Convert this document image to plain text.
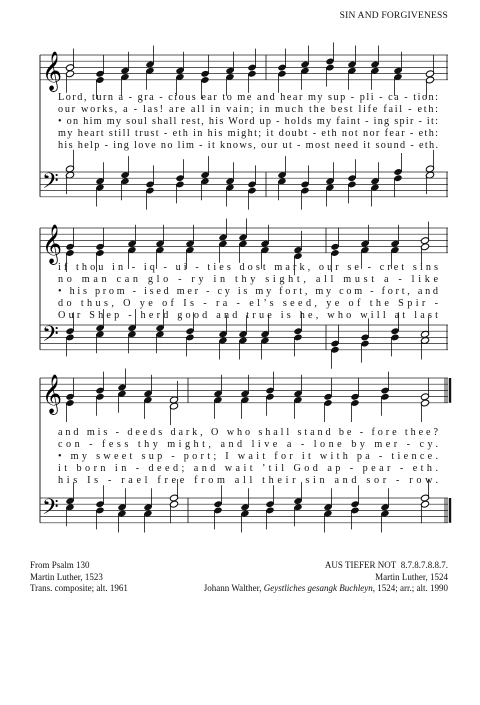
SIN AND FORGIVENESS
𝄞
𝄢
Lord, turn a - gra - cious ear to me and hear my sup - pli - ca - tion:
our works, a - las! are all in vain; in much the best life fail - eth:
• on him my soul shall rest, his Word up - holds my faint - ing spir - it:
my heart still trust - eth in his might; it doubt - eth not nor fear - eth:
his help - ing love no lim - it knows, our ut - most need it sound - eth.
𝄞
𝄢
if thou in - iq - ui - ties dost mark, our se - cret sins
no man can glo - ry in thy sight, all must a - like
• his prom - ised mer - cy is my fort, my com - fort, and
do thus, O ye of Is - ra - el’s seed, ye of the Spir -
Our Shep - herd good and true is he, who will at last
𝄞
𝄢
and mis - deeds dark, O who shall stand be - fore thee?
con - fess thy might, and live a - lone by mer - cy.
• my sweet sup - port; I wait for it with pa - tience.
it born in - deed; and wait ’til God ap - pear - eth.
his Is - rael free from all their sin and sor - row.
From Psalm 130
Martin Luther, 1523
Trans. composite; alt. 1961
AUS TIEFER NOT 8.7.8.7.8.8.7.
Martin Luther, 1524
Johann Walther, Geystliches gesangk Buchleyn, 1524; arr.; alt. 1990
